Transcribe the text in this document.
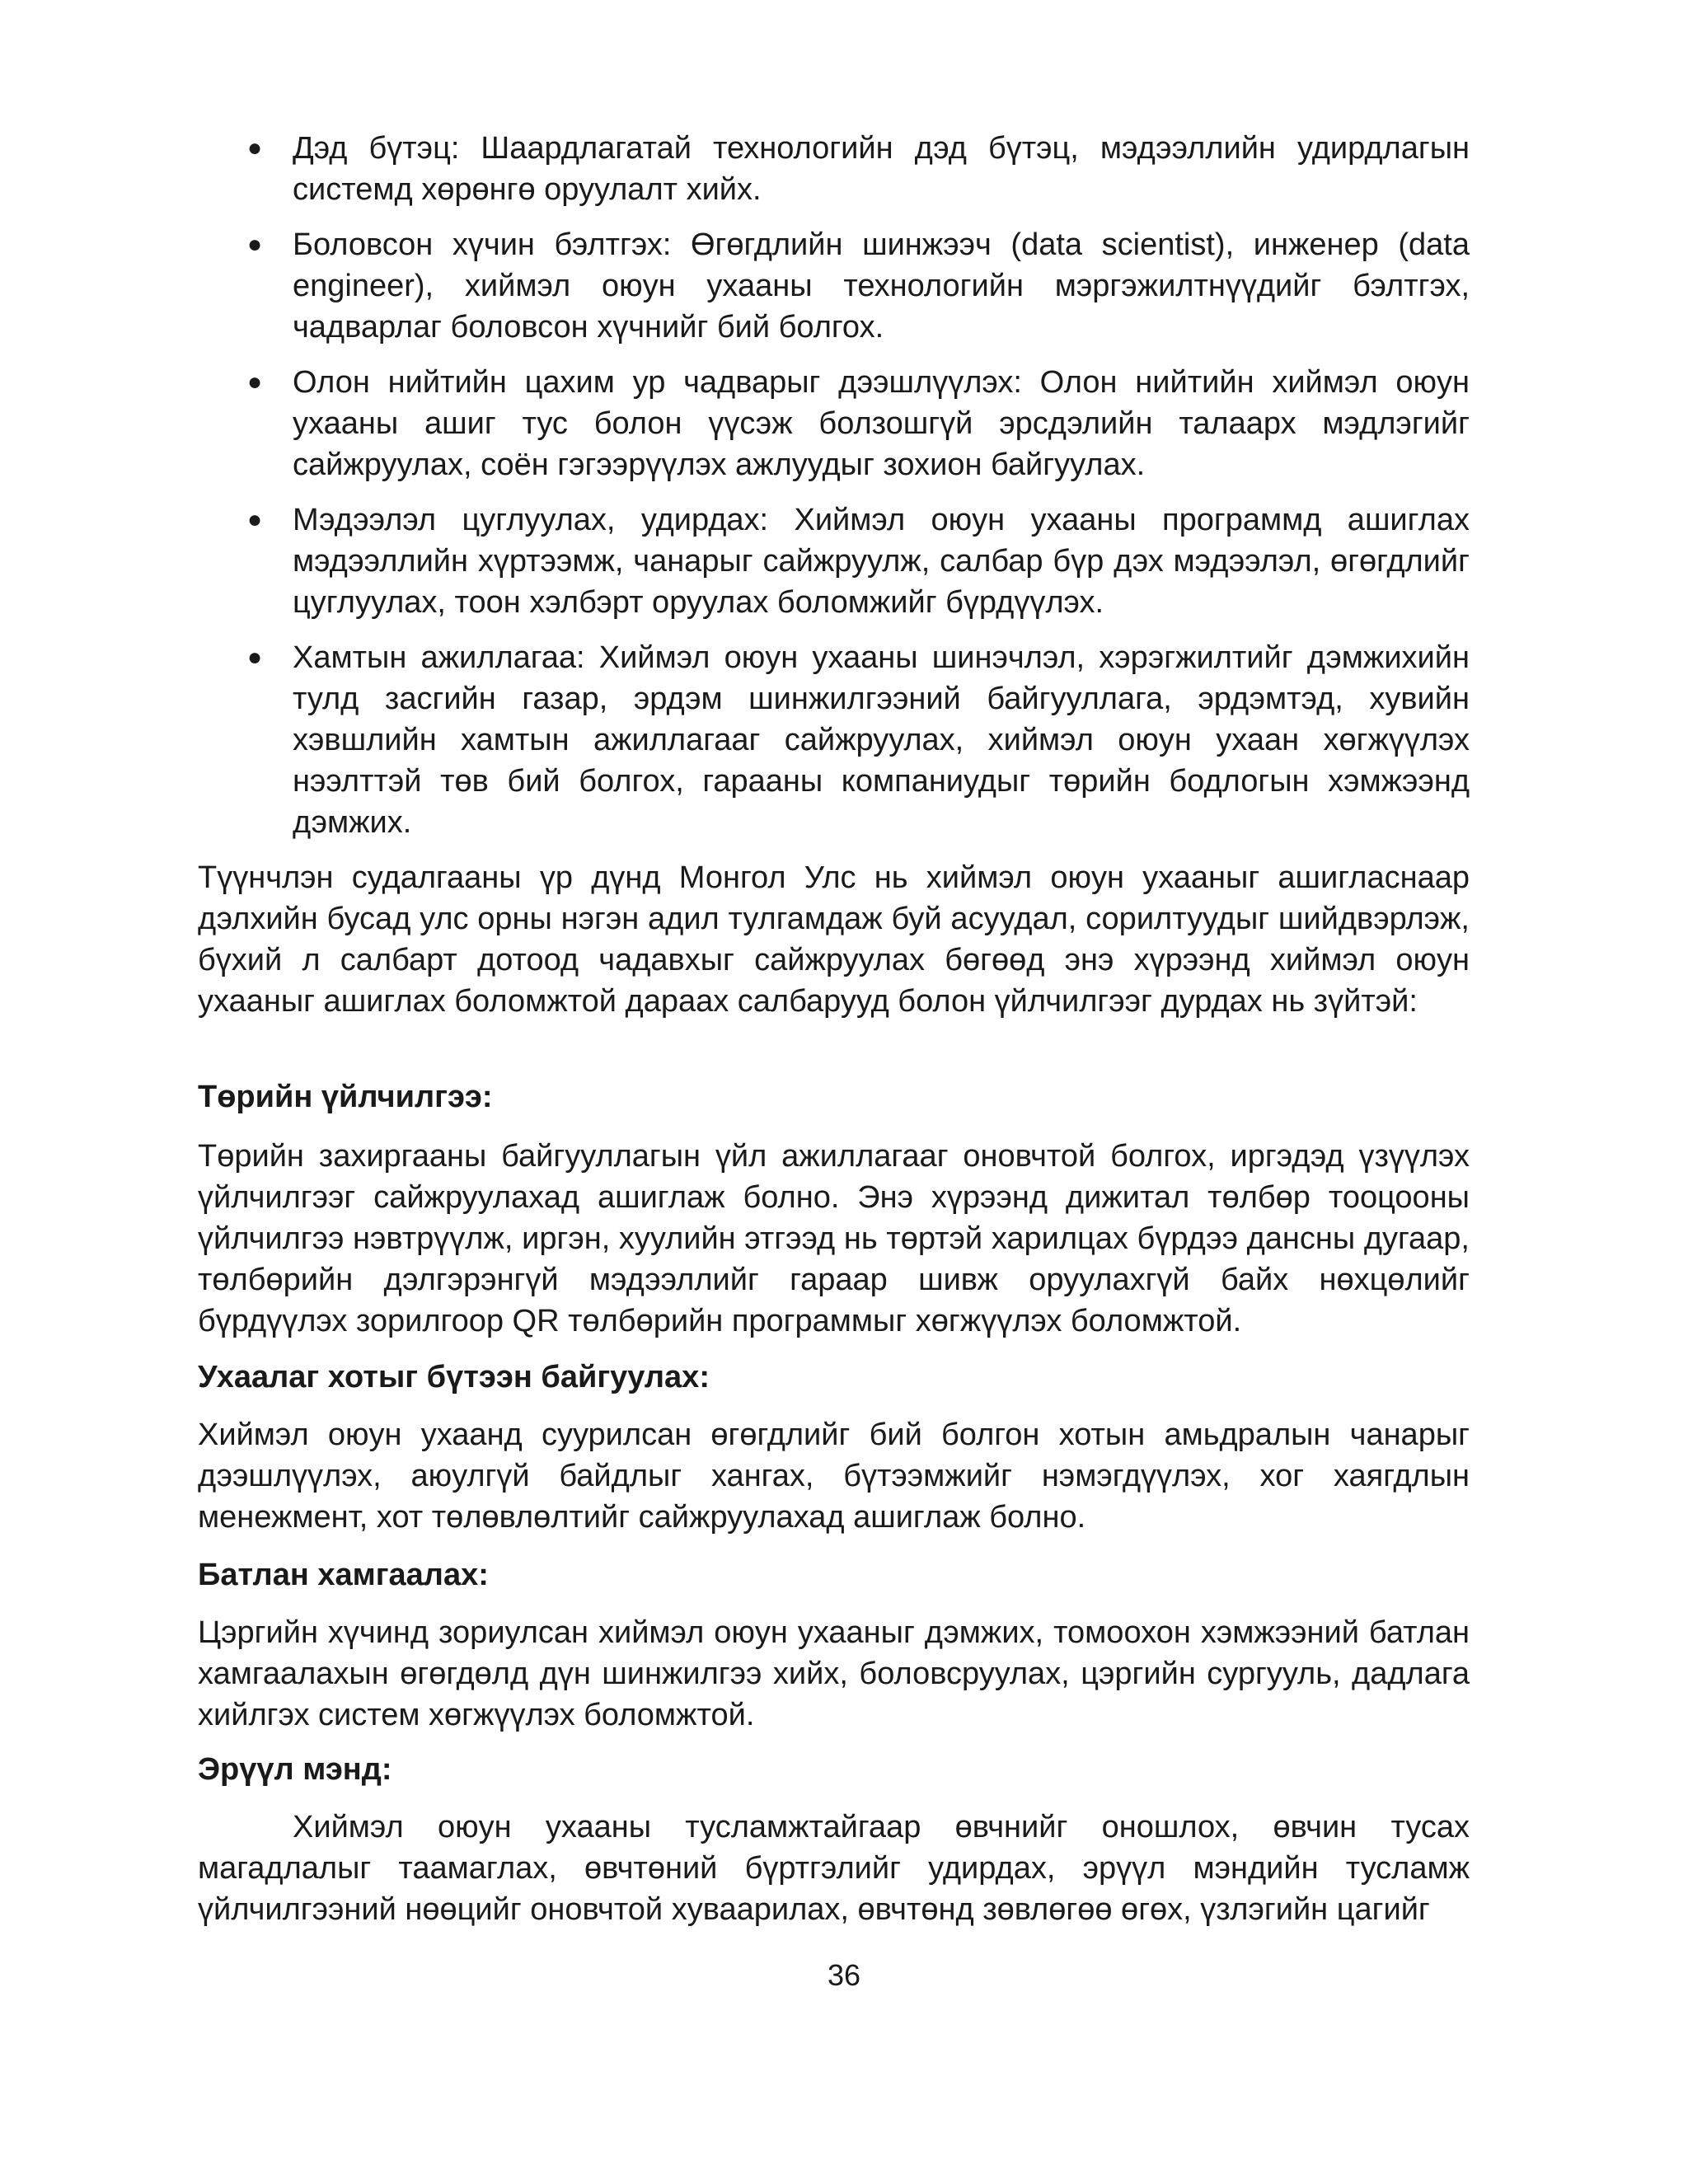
● Дэд бүтэц: Шаардлагатай технологийн дэд бүтэц, мэдээллийн удирдлагын системд хөрөнгө оруулалт хийх.
● Боловсон хүчин бэлтгэх: Өгөгдлийн шинжээч (data scientist), инженер (data engineer), хиймэл оюун ухааны технологийн мэргэжилтнүүдийг бэлтгэх, чадварлаг боловсон хүчнийг бий болгох.
● Олон нийтийн цахим ур чадварыг дээшлүүлэх: Олон нийтийн хиймэл оюун ухааны ашиг тус болон үүсэж болзошгүй эрсдэлийн талаарх мэдлэгийг сайжруулах, соён гэгээрүүлэх ажлуудыг зохион байгуулах.
● Мэдээлэл цуглуулах, удирдах: Хиймэл оюун ухааны программд ашиглах мэдээллийн хүртээмж, чанарыг сайжруулж, салбар бүр дэх мэдээлэл, өгөгдлийг цуглуулах, тоон хэлбэрт оруулах боломжийг бүрдүүлэх.
● Хамтын ажиллагаа: Хиймэл оюун ухааны шинэчлэл, хэрэгжилтийг дэмжихийн тулд засгийн газар, эрдэм шинжилгээний байгууллага, эрдэмтэд, хувийн хэвшлийн хамтын ажиллагааг сайжруулах, хиймэл оюун ухаан хөгжүүлэх нээлттэй төв бий болгох, гарааны компаниудыг төрийн бодлогын хэмжээнд дэмжих.

Түүнчлэн судалгааны үр дүнд Монгол Улс нь хиймэл оюун ухааныг ашигласнаар дэлхийн бусад улс орны нэгэн адил тулгамдаж буй асуудал, сорилтуудыг шийдвэрлэж, бүхий л салбарт дотоод чадавхыг сайжруулах бөгөөд энэ хүрээнд хиймэл оюун ухааныг ашиглах боломжтой дараах салбарууд болон үйлчилгээг дурдах нь зүйтэй:

Төрийн үйлчилгээ:

Төрийн захиргааны байгууллагын үйл ажиллагааг оновчтой болгох, иргэдэд үзүүлэх үйлчилгээг сайжруулахад ашиглаж болно. Энэ хүрээнд дижитал төлбөр тооцооны үйлчилгээ нэвтрүүлж, иргэн, хуулийн этгээд нь төртэй харилцах бүрдээ дансны дугаар, төлбөрийн дэлгэрэнгүй мэдээллийг гараар шивж оруулахгүй байх нөхцөлийг бүрдүүлэх зорилгоор QR төлбөрийн программыг хөгжүүлэх боломжтой.

Ухаалаг хотыг бүтээн байгуулах:

Хиймэл оюун ухаанд суурилсан өгөгдлийг бий болгон хотын амьдралын чанарыг дээшлүүлэх, аюулгүй байдлыг хангах, бүтээмжийг нэмэгдүүлэх, хог хаягдлын менежмент, хот төлөвлөлтийг сайжруулахад ашиглаж болно.

Батлан хамгаалах:

Цэргийн хүчинд зориулсан хиймэл оюун ухааныг дэмжих, томоохон хэмжээний батлан хамгаалахын өгөгдөлд дүн шинжилгээ хийх, боловсруулах, цэргийн сургууль, дадлага хийлгэх систем хөгжүүлэх боломжтой.

Эрүүл мэнд:

Хиймэл оюун ухааны тусламжтайгаар өвчнийг оношлох, өвчин тусах магадлалыг таамаглах, өвчтөний бүртгэлийг удирдах, эрүүл мэндийн тусламж үйлчилгээний нөөцийг оновчтой хуваарилах, өвчтөнд зөвлөгөө өгөх, үзлэгийн цагийг

36
